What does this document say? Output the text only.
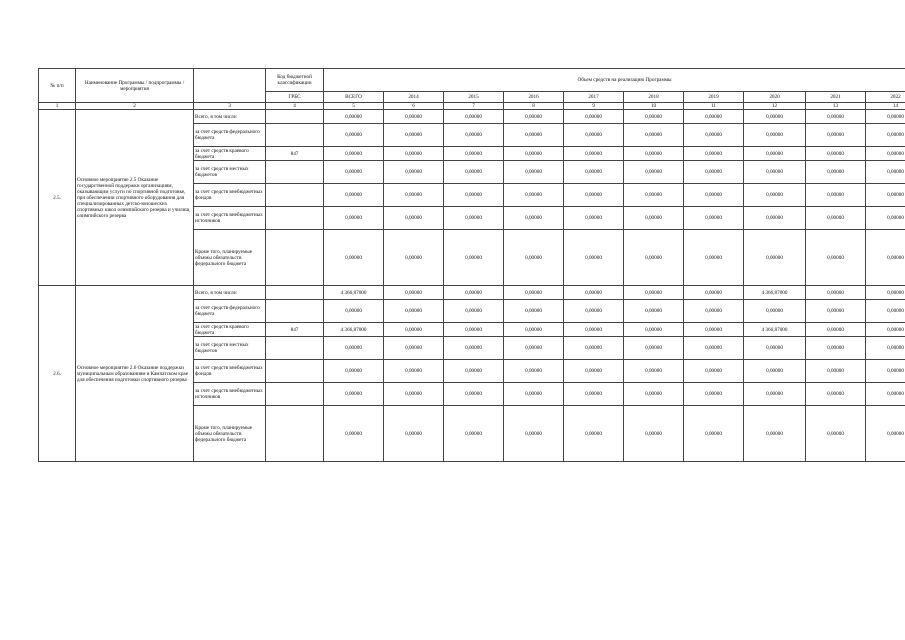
№ п/п	Наименование Программы / подпрограммы / мероприятия		Код бюджетной классификации	Объем средств на реализацию Программы									
			ГРБС	ВСЕГО	2014	2015	2016	2017	2018	2019	2020	2021	2022
1	2	3	4	5	6	7	8	9	10	11	12	13	14
2.5.	Основное мероприятие 2.5 Оказание государственной поддержки организациям, оказывающим услуги по спортивной подготовке, при обеспечении спортивного оборудования для специализированных детско-юношеских спортивных школ олимпийского резерва и училищ олимпийского резерва	Всего, в том числе:		0,00000	0,00000	0,00000	0,00000	0,00000	0,00000	0,00000	0,00000	0,00000	0,00000
		за счет средств федерального бюджета		0,00000	0,00000	0,00000	0,00000	0,00000	0,00000	0,00000	0,00000	0,00000	0,00000
		за счет средств краевого бюджета	847	0,00000	0,00000	0,00000	0,00000	0,00000	0,00000	0,00000	0,00000	0,00000	0,00000
		за счет средств местных бюджетов		0,00000	0,00000	0,00000	0,00000	0,00000	0,00000	0,00000	0,00000	0,00000	0,00000
		за счет средств внебюджетных фондов		0,00000	0,00000	0,00000	0,00000	0,00000	0,00000	0,00000	0,00000	0,00000	0,00000
		за счет средств внебюджетных источников		0,00000	0,00000	0,00000	0,00000	0,00000	0,00000	0,00000	0,00000	0,00000	0,00000
		Кроме того, планируемые объемы обязательств федерального бюджета		0,00000	0,00000	0,00000	0,00000	0,00000	0,00000	0,00000	0,00000	0,00000	0,00000
2.6.	Основное мероприятие 2.6 Оказание поддержки муниципальным образованиям в Камчатском крае для обеспечения подготовки спортивного резерва	Всего, в том числе:		4 366,87000	0,00000	0,00000	0,00000	0,00000	0,00000	0,00000	4 366,87000	0,00000	0,00000
		за счет средств федерального бюджета		0,00000	0,00000	0,00000	0,00000	0,00000	0,00000	0,00000	0,00000	0,00000	0,00000
		за счет средств краевого бюджета	847	4 366,87000	0,00000	0,00000	0,00000	0,00000	0,00000	0,00000	4 366,87000	0,00000	0,00000
		за счет средств местных бюджетов		0,00000	0,00000	0,00000	0,00000	0,00000	0,00000	0,00000	0,00000	0,00000	0,00000
		за счет средств внебюджетных фондов		0,00000	0,00000	0,00000	0,00000	0,00000	0,00000	0,00000	0,00000	0,00000	0,00000
		за счет средств внебюджетных источников		0,00000	0,00000	0,00000	0,00000	0,00000	0,00000	0,00000	0,00000	0,00000	0,00000
		Кроме того, планируемые объемы обязательств федерального бюджета		0,00000	0,00000	0,00000	0,00000	0,00000	0,00000	0,00000	0,00000	0,00000	0,00000
